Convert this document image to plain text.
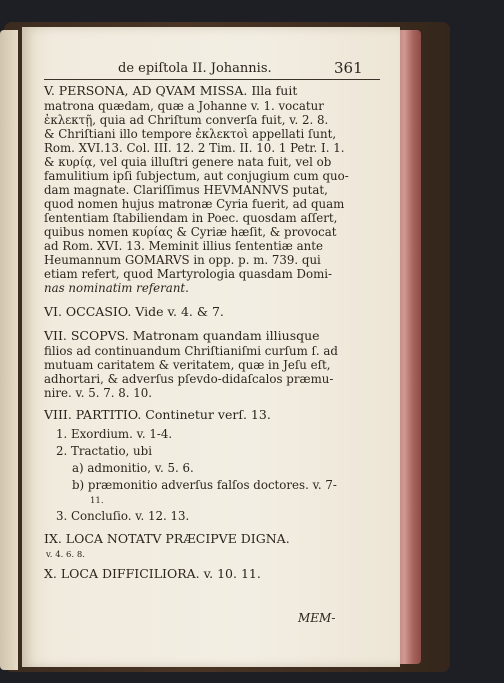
de epiſtola II. Johannis.	361
V. PERSONA, AD QVAM MISSA. Illa fuit
matrona quædam, quæ a Johanne v. 1. vocatur
ἐκλεκτῇ, quia ad Chriſtum converſa fuit, v. 2. 8.
& Chriſtiani illo tempore ἐκλεκτοὶ appellati ſunt,
Rom. XVI.13. Col. III. 12. 2 Tim. II. 10. 1 Petr. I. 1.
& κυρίᾳ, vel quia illuſtri genere nata fuit, vel ob
famulitium ipſi ſubjectum, aut conjugium cum quo-
dam magnate. Clariſſimus HEVMANNVS putat,
quod nomen hujus matronæ Cyria fuerit, ad quam
ſententiam ſtabiliendam in Poec. quosdam aſſert,
quibus nomen κυρίας & Cyriæ hæſit, & provocat
ad Rom. XVI. 13. Meminit illius ſententiæ ante
Heumannum GOMARVS in opp. p. m. 739. qui
etiam refert, quod Martyrologia quasdam Domi-
nas nominatim referant.
VI. OCCASIO. Vide v. 4. & 7.
VII. SCOPVS. Matronam quandam illiusque
filios ad continuandum Chriſtianiſmi curſum ſ. ad
mutuam caritatem & veritatem, quæ in Jeſu eſt,
adhortari, & adverſus pſevdo-didaſcalos præmu-
nire. v. 5. 7. 8. 10.
VIII. PARTITIO. Continetur verſ. 13.
1. Exordium. v. 1-4.
2. Tractatio, ubi
a) admonitio, v. 5. 6.
b) præmonitio adverſus falſos doctores. v. 7-
11.
3. Concluſio. v. 12. 13.
IX. LOCA NOTATV PRÆCIPVE DIGNA.
v. 4. 6. 8.
X. LOCA DIFFICILIORA. v. 10. 11.
MEM-
